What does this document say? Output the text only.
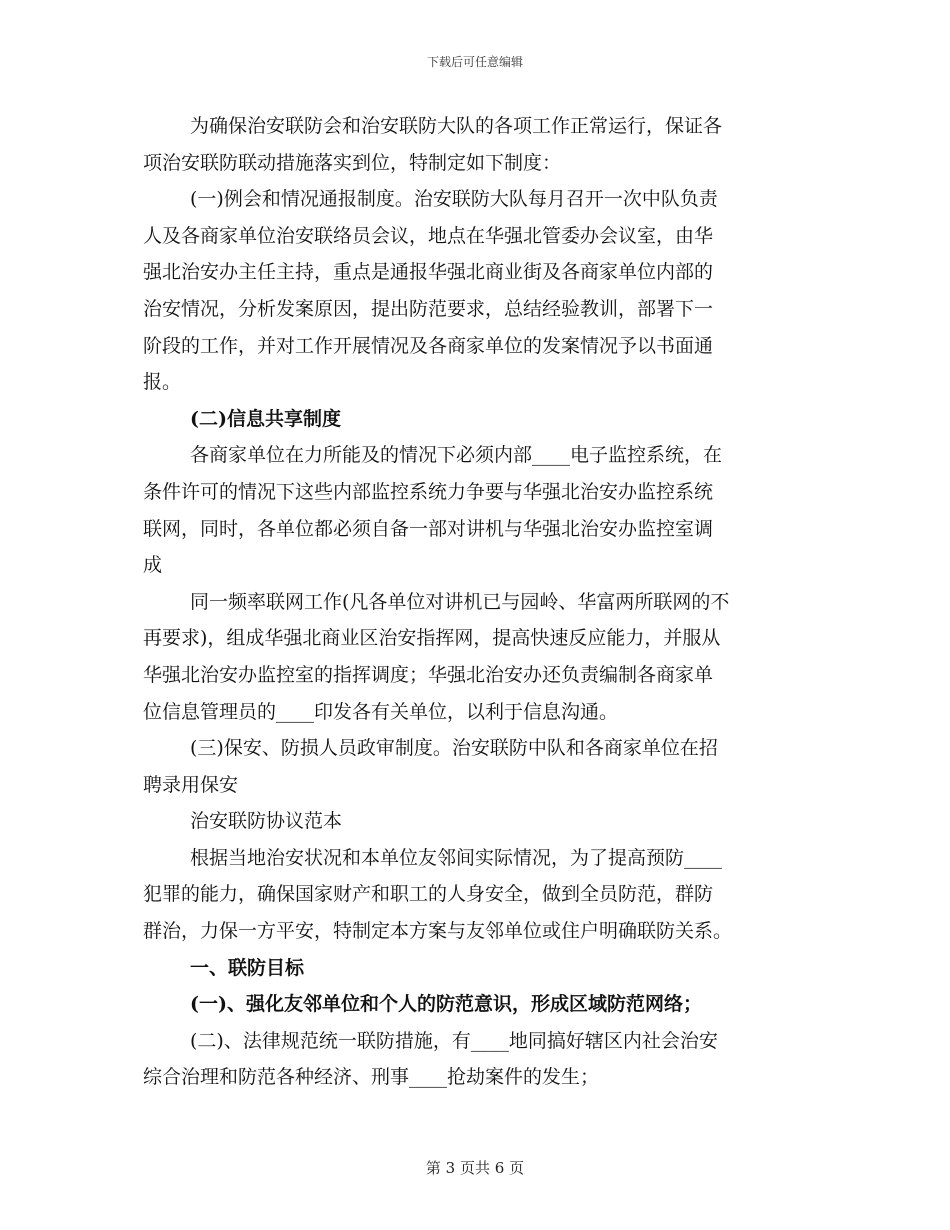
下载后可任意编辑
为确保治安联防会和治安联防大队的各项工作正常运行，保证各
项治安联防联动措施落实到位，特制定如下制度：
(一)例会和情况通报制度。治安联防大队每月召开一次中队负责
人及各商家单位治安联络员会议，地点在华强北管委办会议室，由华
强北治安办主任主持，重点是通报华强北商业街及各商家单位内部的
治安情况，分析发案原因，提出防范要求，总结经验教训，部署下一
阶段的工作，并对工作开展情况及各商家单位的发案情况予以书面通
报。
(二)信息共享制度
各商家单位在力所能及的情况下必须内部____电子监控系统，在
条件许可的情况下这些内部监控系统力争要与华强北治安办监控系统
联网，同时，各单位都必须自备一部对讲机与华强北治安办监控室调
成
同一频率联网工作(凡各单位对讲机已与园岭、华富两所联网的不
再要求)，组成华强北商业区治安指挥网，提高快速反应能力，并服从
华强北治安办监控室的指挥调度；华强北治安办还负责编制各商家单
位信息管理员的____印发各有关单位，以利于信息沟通。
(三)保安、防损人员政审制度。治安联防中队和各商家单位在招
聘录用保安
治安联防协议范本
根据当地治安状况和本单位友邻间实际情况，为了提高预防____
犯罪的能力，确保国家财产和职工的人身安全，做到全员防范，群防
群治，力保一方平安，特制定本方案与友邻单位或住户明确联防关系。
一、联防目标
(一)、强化友邻单位和个人的防范意识，形成区域防范网络；
(二)、法律规范统一联防措施，有____地同搞好辖区内社会治安
综合治理和防范各种经济、刑事____抢劫案件的发生；
第 3 页共 6 页
